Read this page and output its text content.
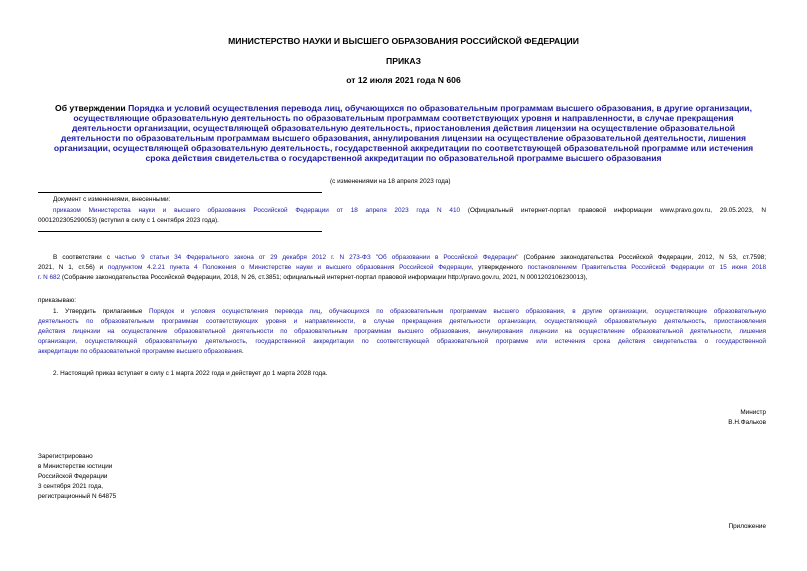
МИНИСТЕРСТВО НАУКИ И ВЫСШЕГО ОБРАЗОВАНИЯ РОССИЙСКОЙ ФЕДЕРАЦИИ
ПРИКАЗ
от 12 июля 2021 года N 606
Об утверждении Порядка и условий осуществления перевода лиц, обучающихся по образовательным программам высшего образования, в другие организации,
осуществляющие образовательную деятельность по образовательным программам соответствующих уровня и направленности, в случае прекращения
деятельности организации, осуществляющей образовательную деятельность, приостановления действия лицензии на осуществление образовательной
деятельности по образовательным программам высшего образования, аннулирования лицензии на осуществление образовательной деятельности, лишения
организации, осуществляющей образовательную деятельность, государственной аккредитации по соответствующей образовательной программе или истечения
срока действия свидетельства о государственной аккредитации по образовательной программе высшего образования
(с изменениями на 18 апреля 2023 года)
Документ с изменениями, внесенными:
приказом Министерства науки и высшего образования Российской Федерации от 18 апреля 2023 года N 410 (Официальный интернет-портал правовой информации www.pravo.gov.ru, 29.05.2023, N
0001202305290053) (вступил в силу с 1 сентября 2023 года).
В соответствии с частью 9 статьи 34 Федерального закона от 29 декабря 2012 г. N 273-ФЗ "Об образовании в Российской Федерации" (Собрание законодательства Российской Федерации, 2012, N 53, ст.7598;
2021, N 1, ст.56) и подпунктом 4.2.21 пункта 4 Положения о Министерстве науки и высшего образования Российской Федерации, утвержденного постановлением Правительства Российской Федерации от 15 июня 2018
г. N 682 (Собрание законодательства Российской Федерации, 2018, N 26, ст.3851; официальный интернет-портал правовой информации http://pravo.gov.ru, 2021, N 0001202106230013),
приказываю:
1. Утвердить прилагаемые Порядок и условия осуществления перевода лиц, обучающихся по образовательным программам высшего образования, в другие организации, осуществляющие образовательную
деятельность по образовательным программам соответствующих уровня и направленности, в случае прекращения деятельности организации, осуществляющей образовательную деятельность, приостановления
действия лицензии на осуществление образовательной деятельности по образовательным программам высшего образования, аннулирования лицензии на осуществление образовательной деятельности, лишения
организации, осуществляющей образовательную деятельность, государственной аккредитации по соответствующей образовательной программе или истечения срока действия свидетельства о государственной
аккредитации по образовательной программе высшего образования.
2. Настоящий приказ вступает в силу с 1 марта 2022 года и действует до 1 марта 2028 года.
Министр
В.Н.Фальков
Зарегистрировано
в Министерстве юстиции
Российской Федерации
3 сентября 2021 года,
регистрационный N 64875
Приложение
